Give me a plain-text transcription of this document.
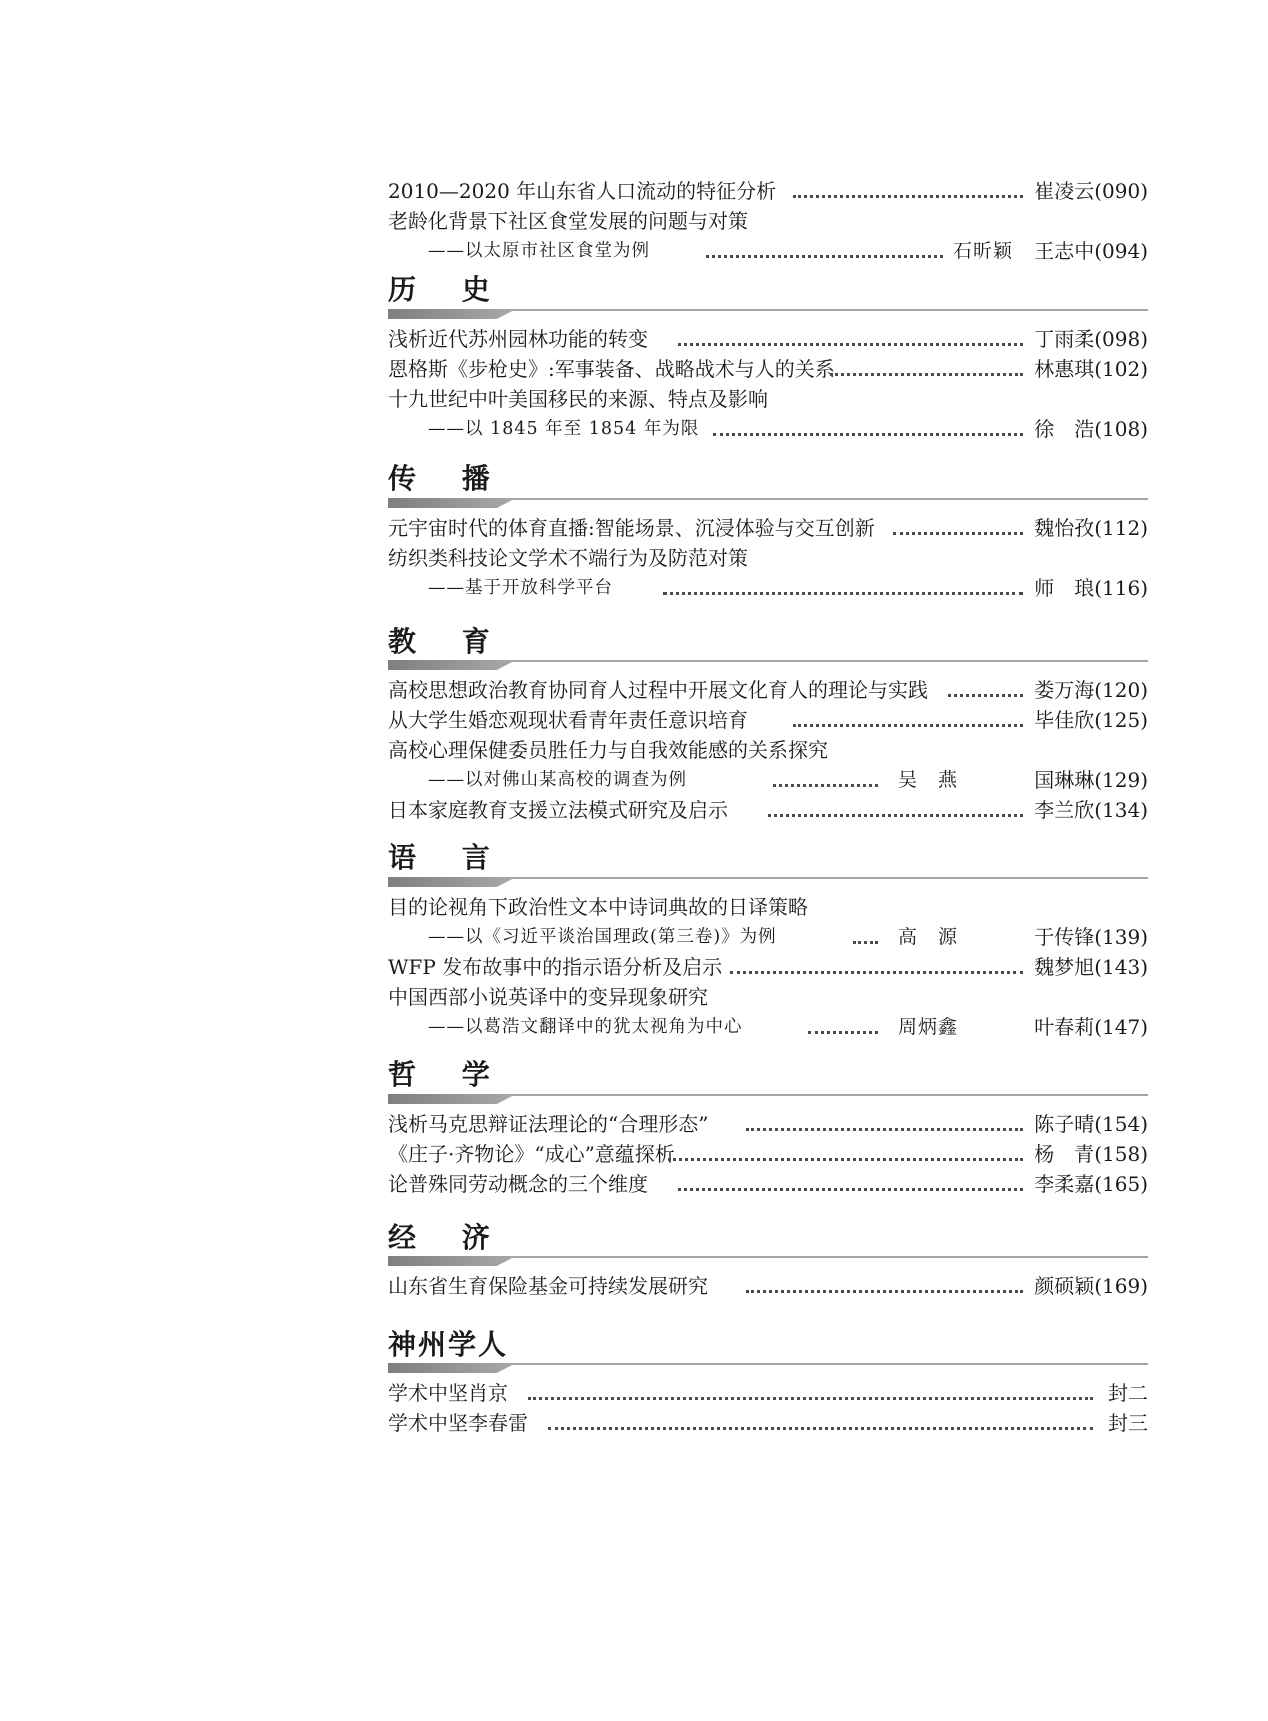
2010—2020 年山东省人口流动的特征分析	崔凌云(090)
老龄化背景下社区食堂发展的问题与对策
——以太原市社区食堂为例	石昕颖 王志中(094)
历 史
浅析近代苏州园林功能的转变	丁雨柔(098)
恩格斯《步枪史》:军事装备、战略战术与人的关系	林惠琪(102)
十九世纪中叶美国移民的来源、特点及影响
——以 1845 年至 1854 年为限	徐　浩(108)
传 播
元宇宙时代的体育直播:智能场景、沉浸体验与交互创新	魏怡孜(112)
纺织类科技论文学术不端行为及防范对策
——基于开放科学平台	师　琅(116)
教 育
高校思想政治教育协同育人过程中开展文化育人的理论与实践	娄万海(120)
从大学生婚恋观现状看青年责任意识培育	毕佳欣(125)
高校心理保健委员胜任力与自我效能感的关系探究
——以对佛山某高校的调查为例	吴　燕	国琳琳(129)
日本家庭教育支援立法模式研究及启示	李兰欣(134)
语 言
目的论视角下政治性文本中诗词典故的日译策略
——以《习近平谈治国理政(第三卷)》为例	高　源	于传锋(139)
WFP 发布故事中的指示语分析及启示	魏梦旭(143)
中国西部小说英译中的变异现象研究
——以葛浩文翻译中的犹太视角为中心	周炳鑫	叶春莉(147)
哲 学
浅析马克思辩证法理论的“合理形态”	陈子晴(154)
《庄子·齐物论》“成心”意蕴探析	杨　青(158)
论普殊同劳动概念的三个维度	李柔嘉(165)
经 济
山东省生育保险基金可持续发展研究	颜硕颖(169)
神州学人
学术中坚肖京	封二
学术中坚李春雷	封三
